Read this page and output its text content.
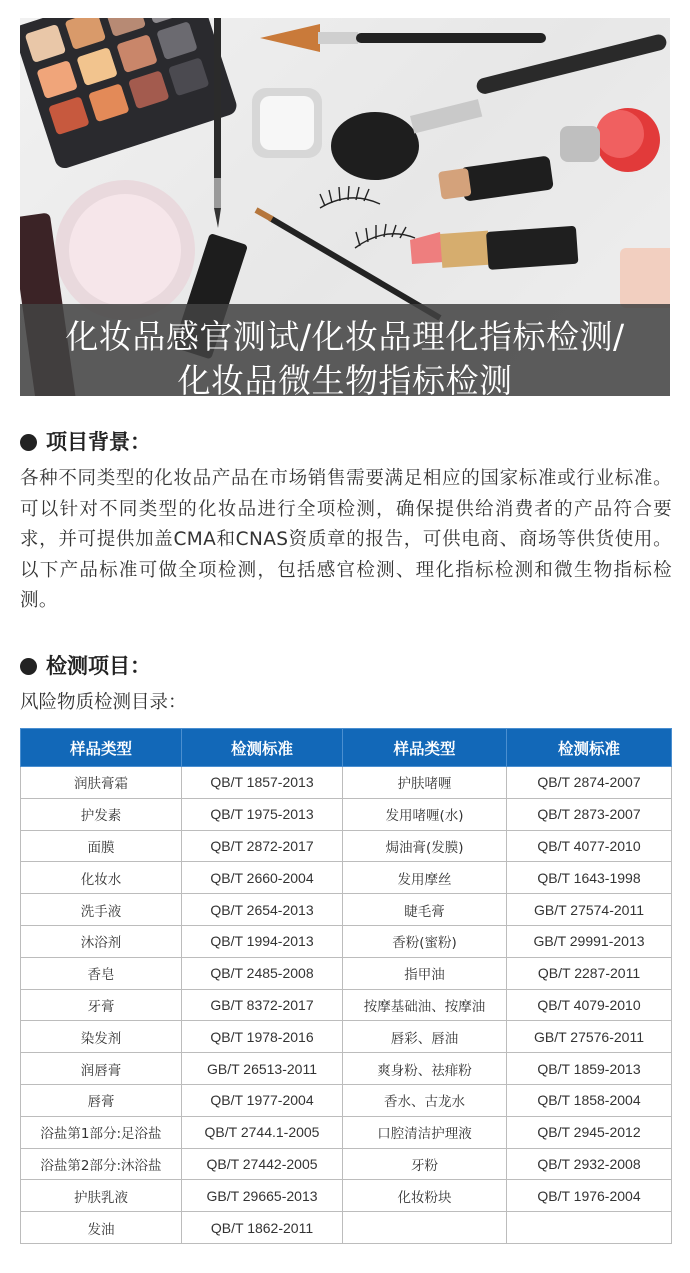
化妆品感官测试/化妆品理化指标检测/
化妆品微生物指标检测
项目背景：
各种不同类型的化妆品产品在市场销售需要满足相应的国家标准或行业标准。可以针对不同类型的化妆品进行全项检测，确保提供给消费者的产品符合要求，并可提供加盖CMA和CNAS资质章的报告，可供电商、商场等供货使用。以下产品标准可做全项检测，包括感官检测、理化指标检测和微生物指标检测。
检测项目：
风险物质检测目录：
样品类型	检测标准	样品类型	检测标准
润肤膏霜	QB/T 1857-2013	护肤啫喱	QB/T 2874-2007
护发素	QB/T 1975-2013	发用啫喱(水)	QB/T 2873-2007
面膜	QB/T 2872-2017	焗油膏(发膜)	QB/T 4077-2010
化妆水	QB/T 2660-2004	发用摩丝	QB/T 1643-1998
洗手液	QB/T 2654-2013	睫毛膏	GB/T 27574-2011
沐浴剂	QB/T 1994-2013	香粉(蜜粉)	GB/T 29991-2013
香皂	QB/T 2485-2008	指甲油	QB/T 2287-2011
牙膏	GB/T 8372-2017	按摩基础油、按摩油	QB/T 4079-2010
染发剂	QB/T 1978-2016	唇彩、唇油	GB/T 27576-2011
润唇膏	GB/T 26513-2011	爽身粉、祛痱粉	QB/T 1859-2013
唇膏	QB/T 1977-2004	香水、古龙水	QB/T 1858-2004
浴盐第1部分:足浴盐	QB/T 2744.1-2005	口腔清洁护理液	QB/T 2945-2012
浴盐第2部分:沐浴盐	QB/T 27442-2005	牙粉	QB/T 2932-2008
护肤乳液	GB/T 29665-2013	化妆粉块	QB/T 1976-2004
发油	QB/T 1862-2011		
